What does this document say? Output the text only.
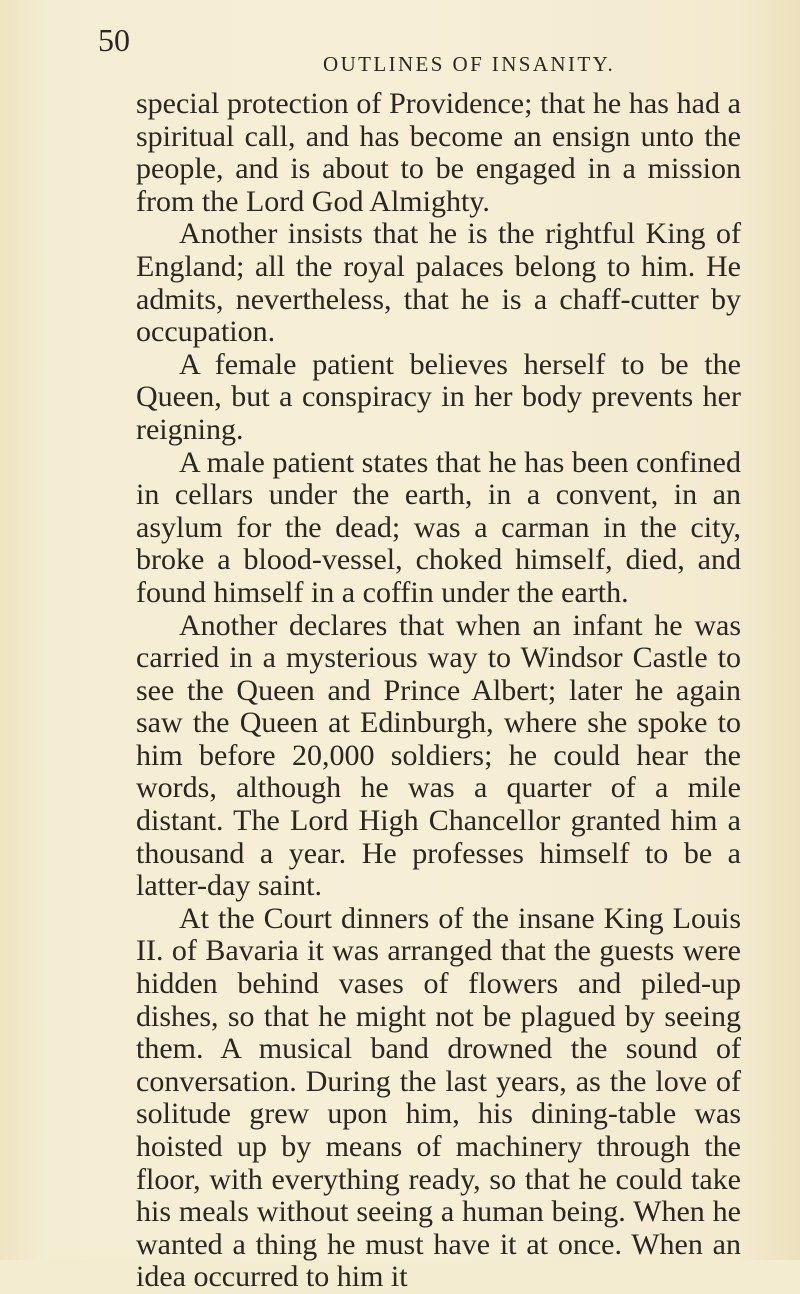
50
OUTLINES OF INSANITY.

special protection of Providence; that he has had a spiritual call, and has become an ensign unto the people, and is about to be engaged in a mission from the Lord God Almighty.

Another insists that he is the rightful King of England; all the royal palaces belong to him. He admits, nevertheless, that he is a chaff-cutter by occupation.

A female patient believes herself to be the Queen, but a conspiracy in her body prevents her reigning.

A male patient states that he has been confined in cellars under the earth, in a convent, in an asylum for the dead; was a carman in the city, broke a blood-vessel, choked himself, died, and found himself in a coffin under the earth.

Another declares that when an infant he was carried in a mysterious way to Windsor Castle to see the Queen and Prince Albert; later he again saw the Queen at Edinburgh, where she spoke to him before 20,000 soldiers; he could hear the words, although he was a quarter of a mile distant. The Lord High Chancellor granted him a thousand a year. He professes himself to be a latter-day saint.

At the Court dinners of the insane King Louis II. of Bavaria it was arranged that the guests were hidden behind vases of flowers and piled-up dishes, so that he might not be plagued by seeing them. A musical band drowned the sound of conversation. During the last years, as the love of solitude grew upon him, his dining-table was hoisted up by means of machinery through the floor, with everything ready, so that he could take his meals without seeing a human being. When he wanted a thing he must have it at once. When an idea occurred to him it
